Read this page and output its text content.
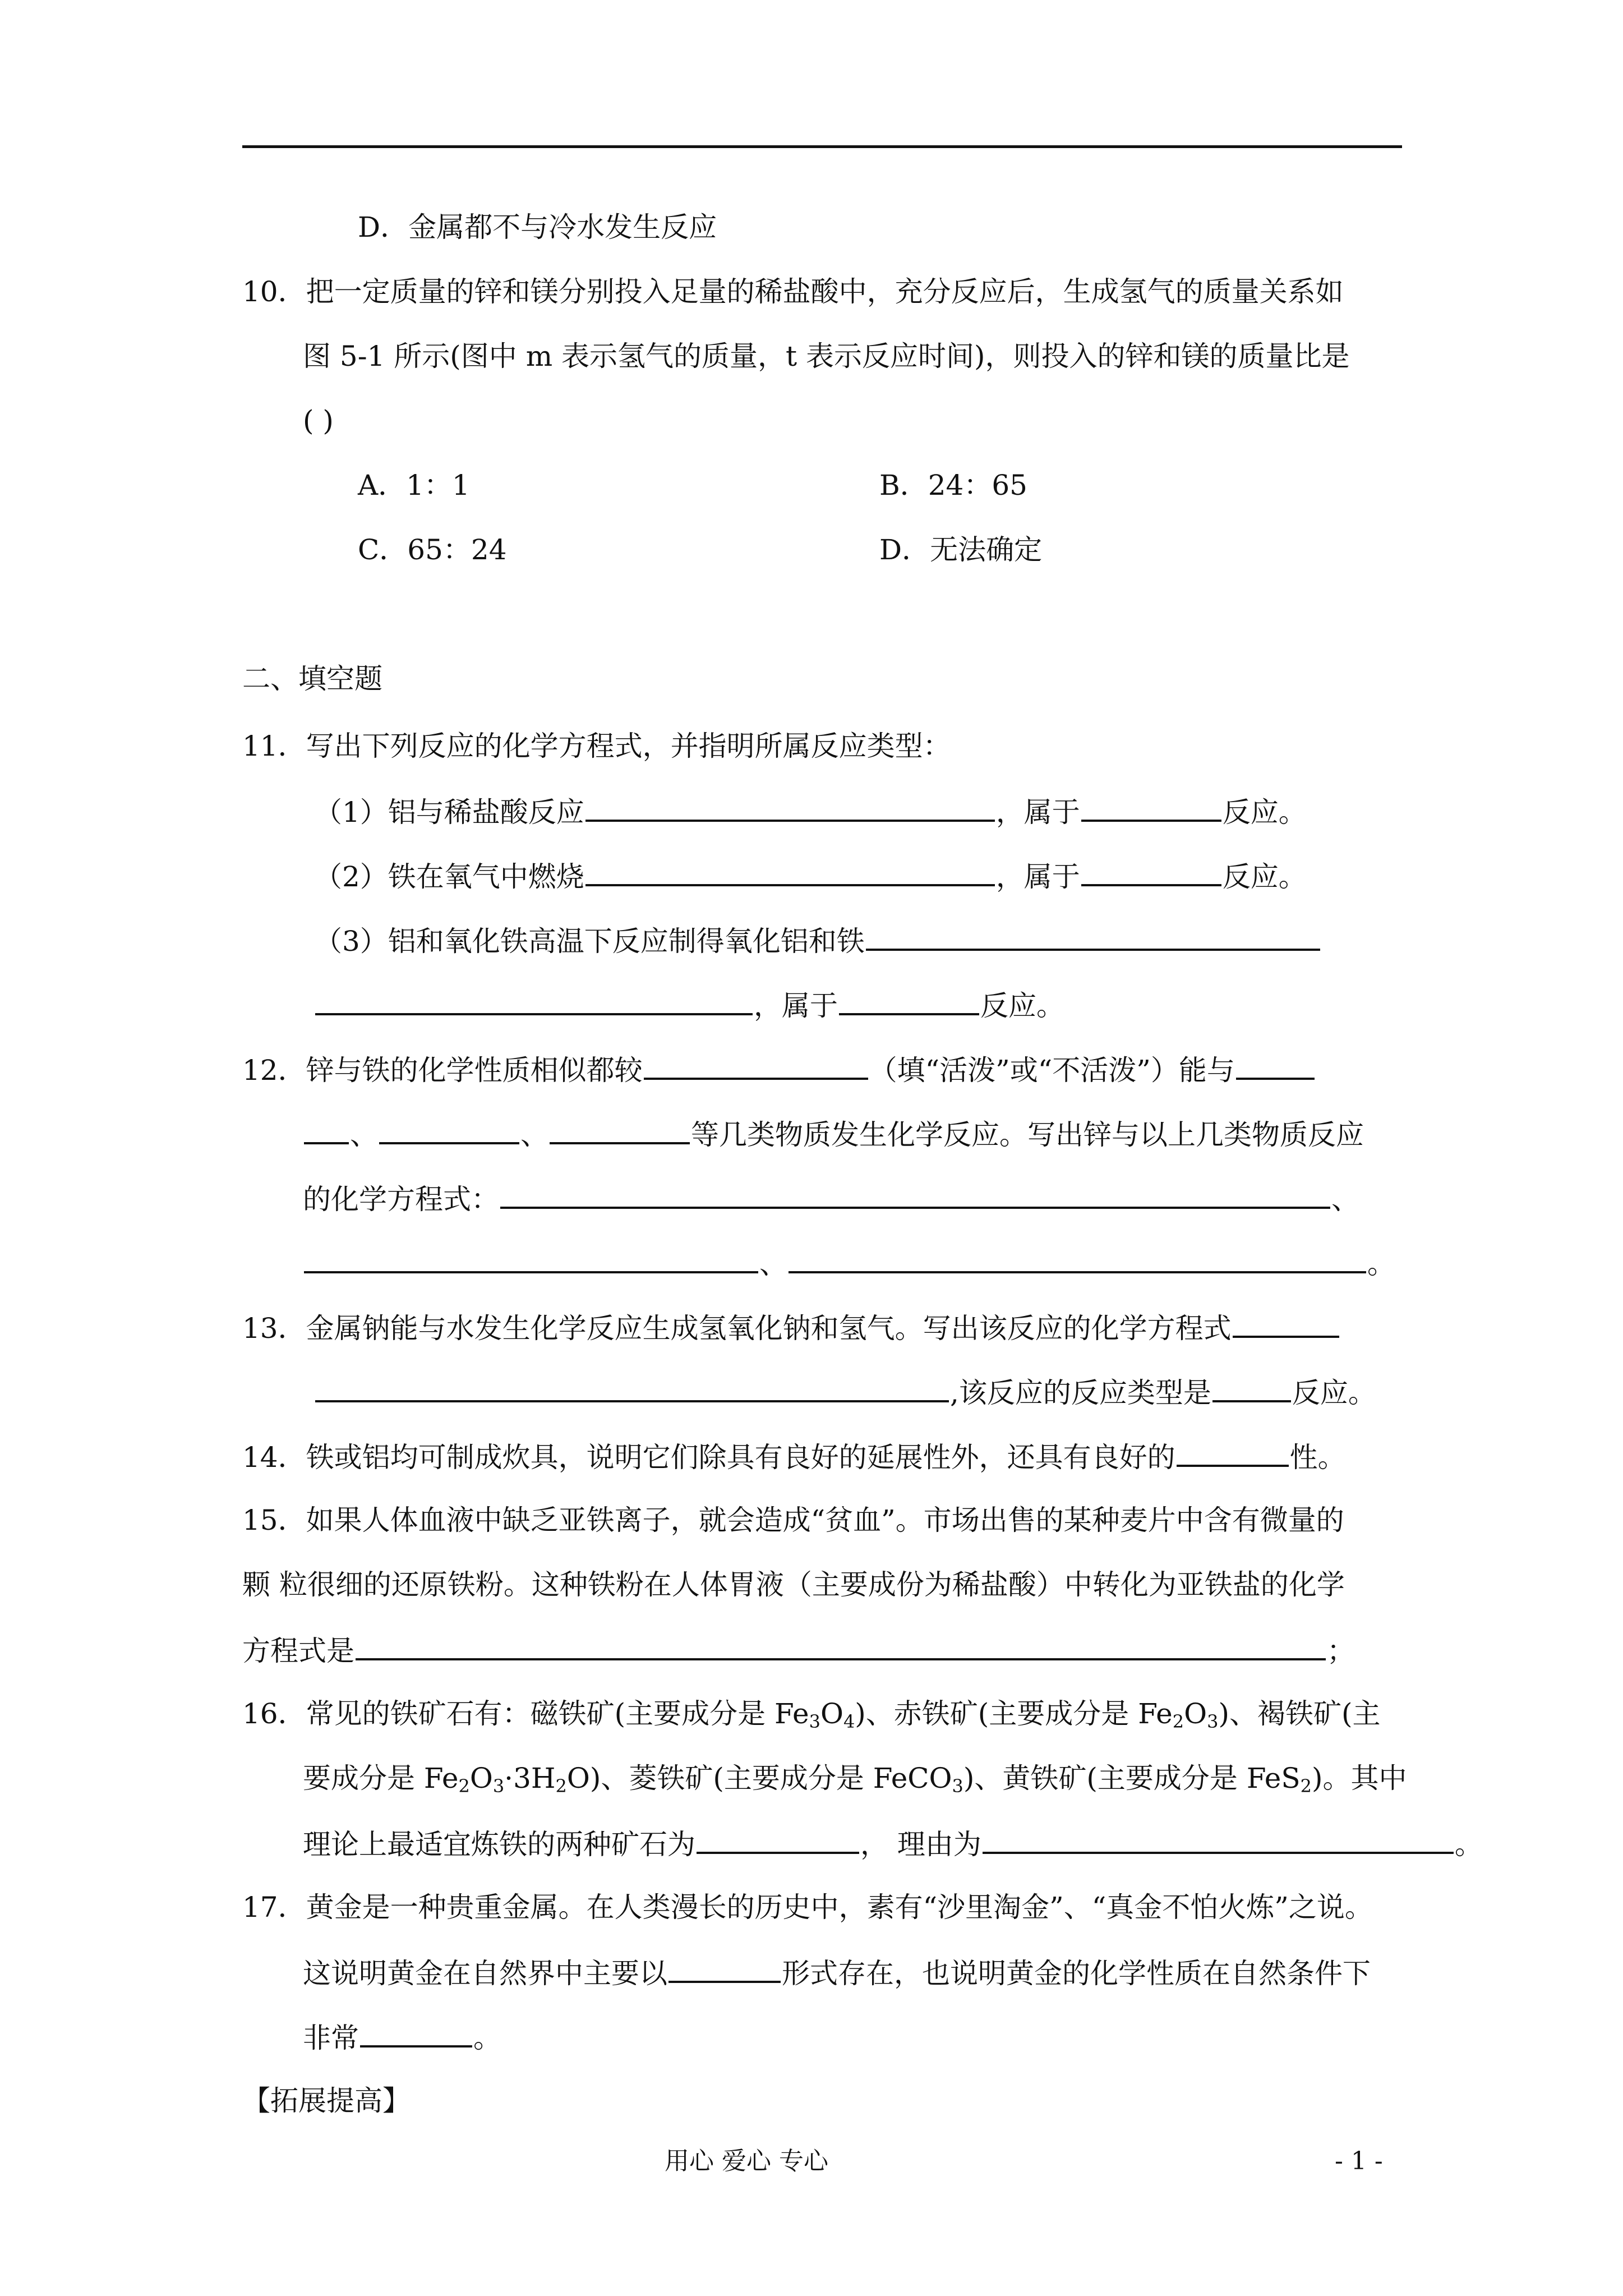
D．金属都不与冷水发生反应
10．把一定质量的锌和镁分别投入足量的稀盐酸中，充分反应后，生成氢气的质量关系如
图 5-1 所示(图中 m 表示氢气的质量，t 表示反应时间)，则投入的锌和镁的质量比是
( )
A．1：1	B．24：65
C．65：24	D．无法确定
二、填空题
11．写出下列反应的化学方程式，并指明所属反应类型：
（1）铝与稀盐酸反应	，属于	反应。
（2）铁在氧气中燃烧	，属于	反应。
（3）铝和氧化铁高温下反应制得氧化铝和铁
，属于	反应。
12．锌与铁的化学性质相似都较	（填“活泼”或“不活泼”）能与
、	、	等几类物质发生化学反应。写出锌与以上几类物质反应
的化学方程式：	、
、	。
13．金属钠能与水发生化学反应生成氢氧化钠和氢气。写出该反应的化学方程式
,该反应的反应类型是	反应。
14．铁或铝均可制成炊具，说明它们除具有良好的延展性外，还具有良好的	性。
15．如果人体血液中缺乏亚铁离子，就会造成“贫血”。市场出售的某种麦片中含有微量的
颗 粒很细的还原铁粉。这种铁粉在人体胃液（主要成份为稀盐酸）中转化为亚铁盐的化学
方程式是	；
16．常见的铁矿石有：磁铁矿(主要成分是 $Fe_3O_4$)、赤铁矿(主要成分是 $Fe_2O_3$)、褐铁矿(主
要成分是 $Fe_2O_3\cdot 3H_2O$)、菱铁矿(主要成分是 FeCO$_3$)、黄铁矿(主要成分是 FeS$_2$)。其中
理论上最适宜炼铁的两种矿石为	， 理由为	。
17．黄金是一种贵重金属。在人类漫长的历史中，素有“沙里淘金”、“真金不怕火炼”之说。
这说明黄金在自然界中主要以	形式存在，也说明黄金的化学性质在自然条件下
非常	。
【拓展提高】
用心 爱心 专心	- 1 -
